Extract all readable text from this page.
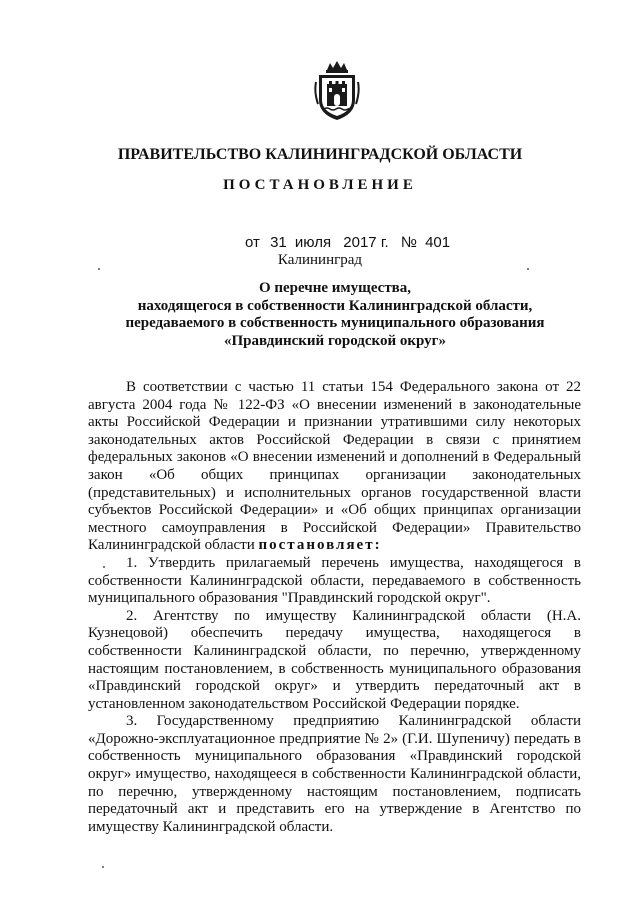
ПРАВИТЕЛЬСТВО КАЛИНИНГРАДСКОЙ ОБЛАСТИ
ПОСТАНОВЛЕНИЕ
от 31 июля 2017 г. № 401
Калининград
О перечне имущества,
находящегося в собственности Калининградской области,
передаваемого в собственность муниципального образования
«Правдинский городской округ»

В соответствии с частью 11 статьи 154 Федерального закона от 22 августа 2004 года № 122-ФЗ «О внесении изменений в законодательные акты Российской Федерации и признании утратившими силу некоторых законодательных актов Российской Федерации в связи с принятием федеральных законов «О внесении изменений и дополнений в Федеральный закон «Об общих принципах организации законодательных (представительных) и исполнительных органов государственной власти субъектов Российской Федерации» и «Об общих принципах организации местного самоуправления в Российской Федерации» Правительство Калининградской области постановляет:

1. Утвердить прилагаемый перечень имущества, находящегося в собственности Калининградской области, передаваемого в собственность муниципального образования "Правдинский городской округ".

2. Агентству по имуществу Калининградской области (Н.А. Кузнецовой) обеспечить передачу имущества, находящегося в собственности Калининградской области, по перечню, утвержденному настоящим постановлением, в собственность муниципального образования «Правдинский городской округ» и утвердить передаточный акт в установленном законодательством Российской Федерации порядке.

3. Государственному предприятию Калининградской области «Дорожно-эксплуатационное предприятие № 2» (Г.И. Шупеничу) передать в собственность муниципального образования «Правдинский городской округ» имущество, находящееся в собственности Калининградской области, по перечню, утвержденному настоящим постановлением, подписать передаточный акт и представить его на утверждение в Агентство по имуществу Калининградской области.
